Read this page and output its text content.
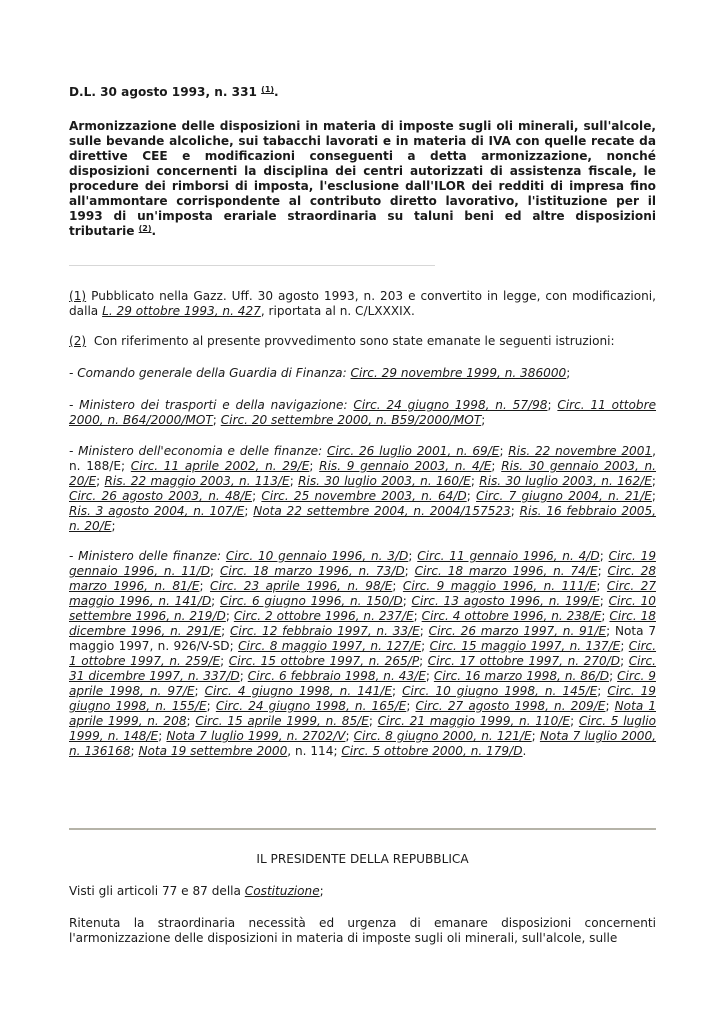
D.L. 30 agosto 1993, n. 331 $^{(1)}$.

Armonizzazione delle disposizioni in materia di imposte sugli oli minerali, sull'alcole, sulle bevande alcoliche, sui tabacchi lavorati e in materia di IVA con quelle recate da direttive CEE e modificazioni conseguenti a detta armonizzazione, nonché disposizioni concernenti la disciplina dei centri autorizzati di assistenza fiscale, le procedure dei rimborsi di imposta, l'esclusione dall'ILOR dei redditi di impresa fino all'ammontare corrispondente al contributo diretto lavorativo, l'istituzione per il 1993 di un'imposta erariale straordinaria su taluni beni ed altre disposizioni tributarie $^{(2)}$.

(1) Pubblicato nella Gazz. Uff. 30 agosto 1993, n. 203 e convertito in legge, con modificazioni, dalla L. 29 ottobre 1993, n. 427, riportata al n. C/LXXXIX.

(2)  Con riferimento al presente provvedimento sono state emanate le seguenti istruzioni:

- Comando generale della Guardia di Finanza: Circ. 29 novembre 1999, n. 386000;

- Ministero dei trasporti e della navigazione: Circ. 24 giugno 1998, n. 57/98; Circ. 11 ottobre 2000, n. B64/2000/MOT; Circ. 20 settembre 2000, n. B59/2000/MOT;

- Ministero dell'economia e delle finanze: Circ. 26 luglio 2001, n. 69/E; Ris. 22 novembre 2001, n. 188/E; Circ. 11 aprile 2002, n. 29/E; Ris. 9 gennaio 2003, n. 4/E; Ris. 30 gennaio 2003, n. 20/E; Ris. 22 maggio 2003, n. 113/E; Ris. 30 luglio 2003, n. 160/E; Ris. 30 luglio 2003, n. 162/E; Circ. 26 agosto 2003, n. 48/E; Circ. 25 novembre 2003, n. 64/D; Circ. 7 giugno 2004, n. 21/E; Ris. 3 agosto 2004, n. 107/E; Nota 22 settembre 2004, n. 2004/157523; Ris. 16 febbraio 2005, n. 20/E;

- Ministero delle finanze: Circ. 10 gennaio 1996, n. 3/D; Circ. 11 gennaio 1996, n. 4/D; Circ. 19 gennaio 1996, n. 11/D; Circ. 18 marzo 1996, n. 73/D; Circ. 18 marzo 1996, n. 74/E; Circ. 28 marzo 1996, n. 81/E; Circ. 23 aprile 1996, n. 98/E; Circ. 9 maggio 1996, n. 111/E; Circ. 27 maggio 1996, n. 141/D; Circ. 6 giugno 1996, n. 150/D; Circ. 13 agosto 1996, n. 199/E; Circ. 10 settembre 1996, n. 219/D; Circ. 2 ottobre 1996, n. 237/E; Circ. 4 ottobre 1996, n. 238/E; Circ. 18 dicembre 1996, n. 291/E; Circ. 12 febbraio 1997, n. 33/E; Circ. 26 marzo 1997, n. 91/E; Nota 7 maggio 1997, n. 926/V-SD; Circ. 8 maggio 1997, n. 127/E; Circ. 15 maggio 1997, n. 137/E; Circ. 1 ottobre 1997, n. 259/E; Circ. 15 ottobre 1997, n. 265/P; Circ. 17 ottobre 1997, n. 270/D; Circ. 31 dicembre 1997, n. 337/D; Circ. 6 febbraio 1998, n. 43/E; Circ. 16 marzo 1998, n. 86/D; Circ. 9 aprile 1998, n. 97/E; Circ. 4 giugno 1998, n. 141/E; Circ. 10 giugno 1998, n. 145/E; Circ. 19 giugno 1998, n. 155/E; Circ. 24 giugno 1998, n. 165/E; Circ. 27 agosto 1998, n. 209/E; Nota 1 aprile 1999, n. 208; Circ. 15 aprile 1999, n. 85/E; Circ. 21 maggio 1999, n. 110/E; Circ. 5 luglio 1999, n. 148/E; Nota 7 luglio 1999, n. 2702/V; Circ. 8 giugno 2000, n. 121/E; Nota 7 luglio 2000, n. 136168; Nota 19 settembre 2000, n. 114; Circ. 5 ottobre 2000, n. 179/D.

IL PRESIDENTE DELLA REPUBBLICA

Visti gli articoli 77 e 87 della Costituzione;

Ritenuta la straordinaria necessità ed urgenza di emanare disposizioni concernenti l'armonizzazione delle disposizioni in materia di imposte sugli oli minerali, sull'alcole, sulle
